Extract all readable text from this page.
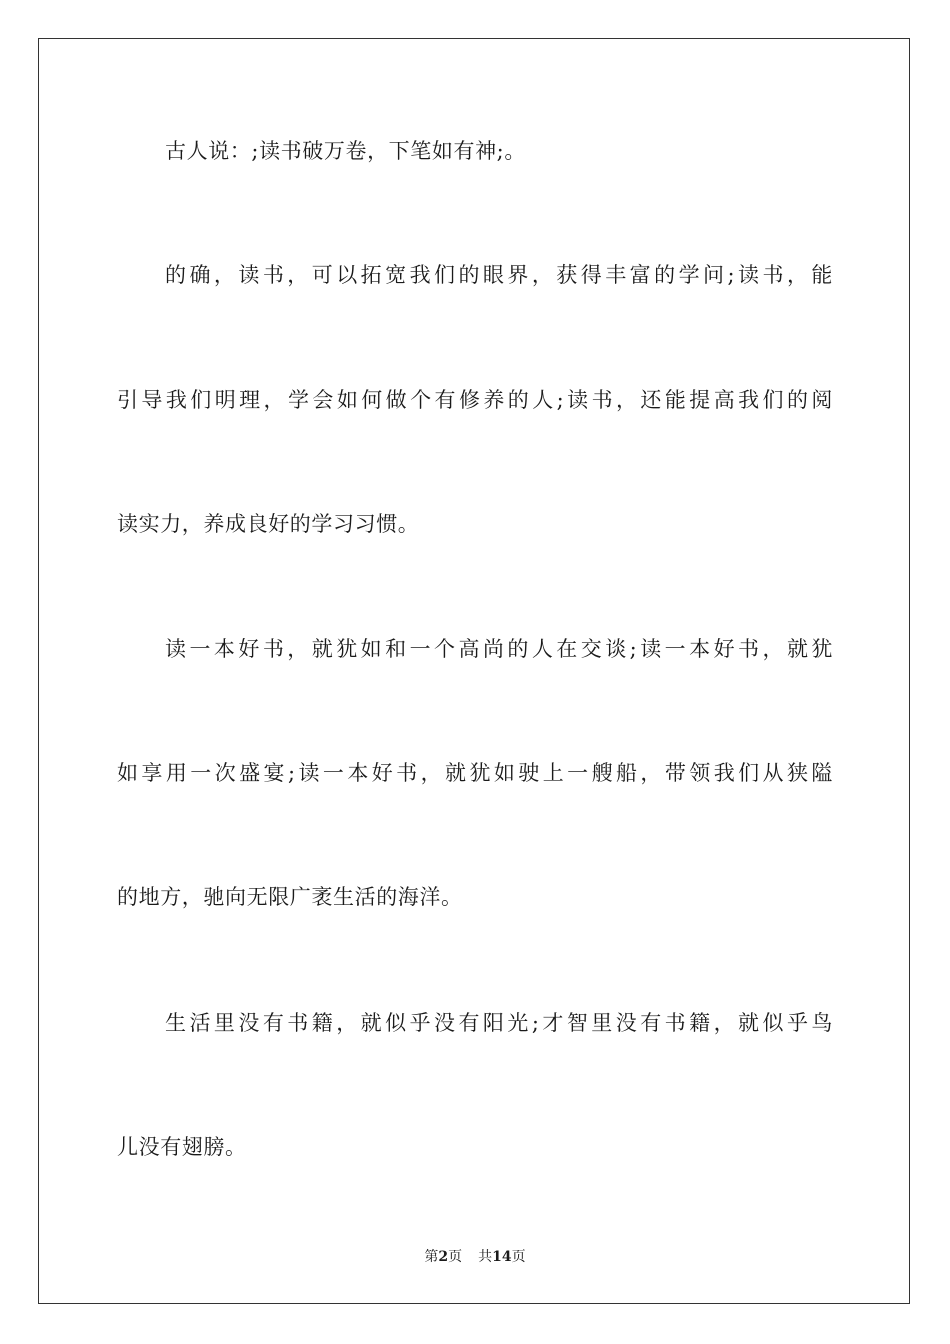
古人说：;读书破万卷，下笔如有神;。
的确，读书，可以拓宽我们的眼界，获得丰富的学问;读书，能
引导我们明理，学会如何做个有修养的人;读书，还能提高我们的阅
读实力，养成良好的学习习惯。
读一本好书，就犹如和一个高尚的人在交谈;读一本好书，就犹
如享用一次盛宴;读一本好书，就犹如驶上一艘船，带领我们从狭隘
的地方，驰向无限广袤生活的海洋。
生活里没有书籍，就似乎没有阳光;才智里没有书籍，就似乎鸟
儿没有翅膀。
第2页 共14页
